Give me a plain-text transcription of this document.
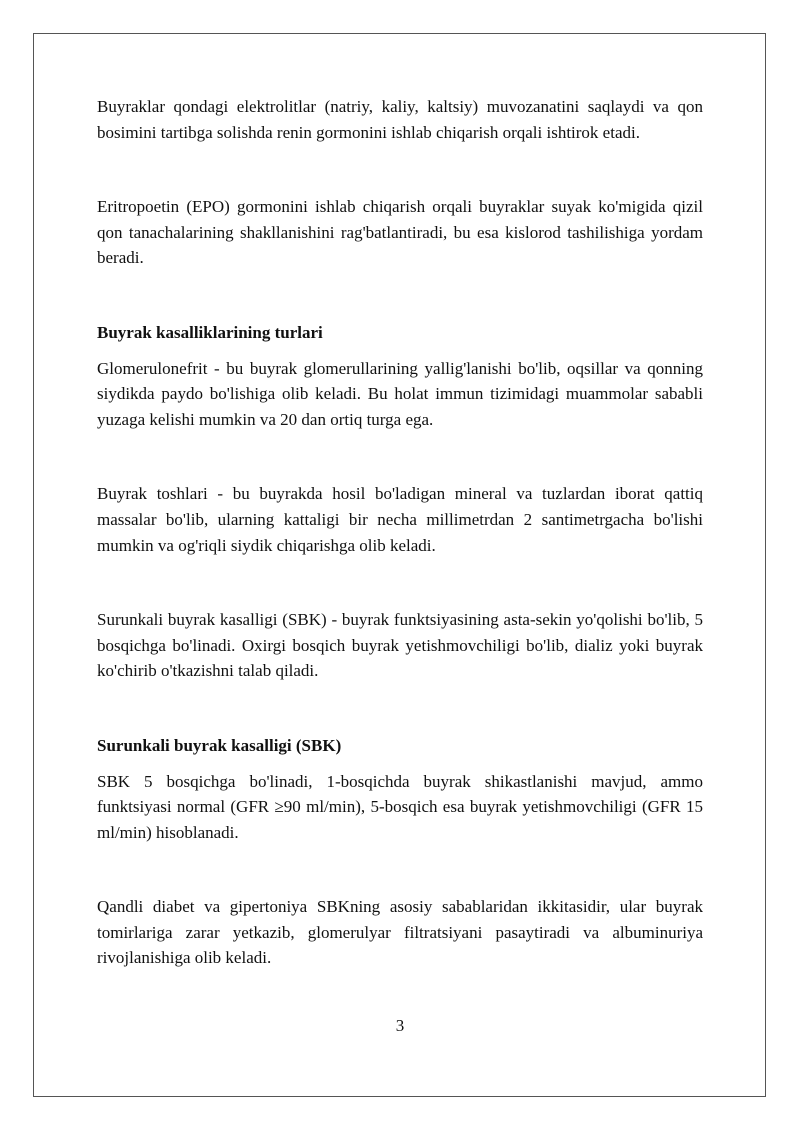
Buyraklar qondagi elektrolitlar (natriy, kaliy, kaltsiy) muvozanatini saqlaydi va qon bosimini tartibga solishda renin gormonini ishlab chiqarish orqali ishtirok etadi.

Eritropoetin (EPO) gormonini ishlab chiqarish orqali buyraklar suyak ko'migida qizil qon tanachalarining shakllanishini rag'batlantiradi, bu esa kislorod tashilishiga yordam beradi.

Buyrak kasalliklarining turlari

Glomerulonefrit - bu buyrak glomerullarining yallig'lanishi bo'lib, oqsillar va qonning siydikda paydo bo'lishiga olib keladi. Bu holat immun tizimidagi muammolar sababli yuzaga kelishi mumkin va 20 dan ortiq turga ega.

Buyrak toshlari - bu buyrakda hosil bo'ladigan mineral va tuzlardan iborat qattiq massalar bo'lib, ularning kattaligi bir necha millimetrdan 2 santimetrgacha bo'lishi mumkin va og'riqli siydik chiqarishga olib keladi.

Surunkali buyrak kasalligi (SBK) - buyrak funktsiyasining asta-sekin yo'qolishi bo'lib, 5 bosqichga bo'linadi. Oxirgi bosqich buyrak yetishmovchiligi bo'lib, dializ yoki buyrak ko'chirib o'tkazishni talab qiladi.

Surunkali buyrak kasalligi (SBK)

SBK 5 bosqichga bo'linadi, 1-bosqichda buyrak shikastlanishi mavjud, ammo funktsiyasi normal (GFR ≥90 ml/min), 5-bosqich esa buyrak yetishmovchiligi (GFR 15 ml/min) hisoblanadi.

Qandli diabet va gipertoniya SBKning asosiy sabablaridan ikkitasidir, ular buyrak tomirlariga zarar yetkazib, glomerulyar filtratsiyani pasaytiradi va albuminuriya rivojlanishiga olib keladi.

3
